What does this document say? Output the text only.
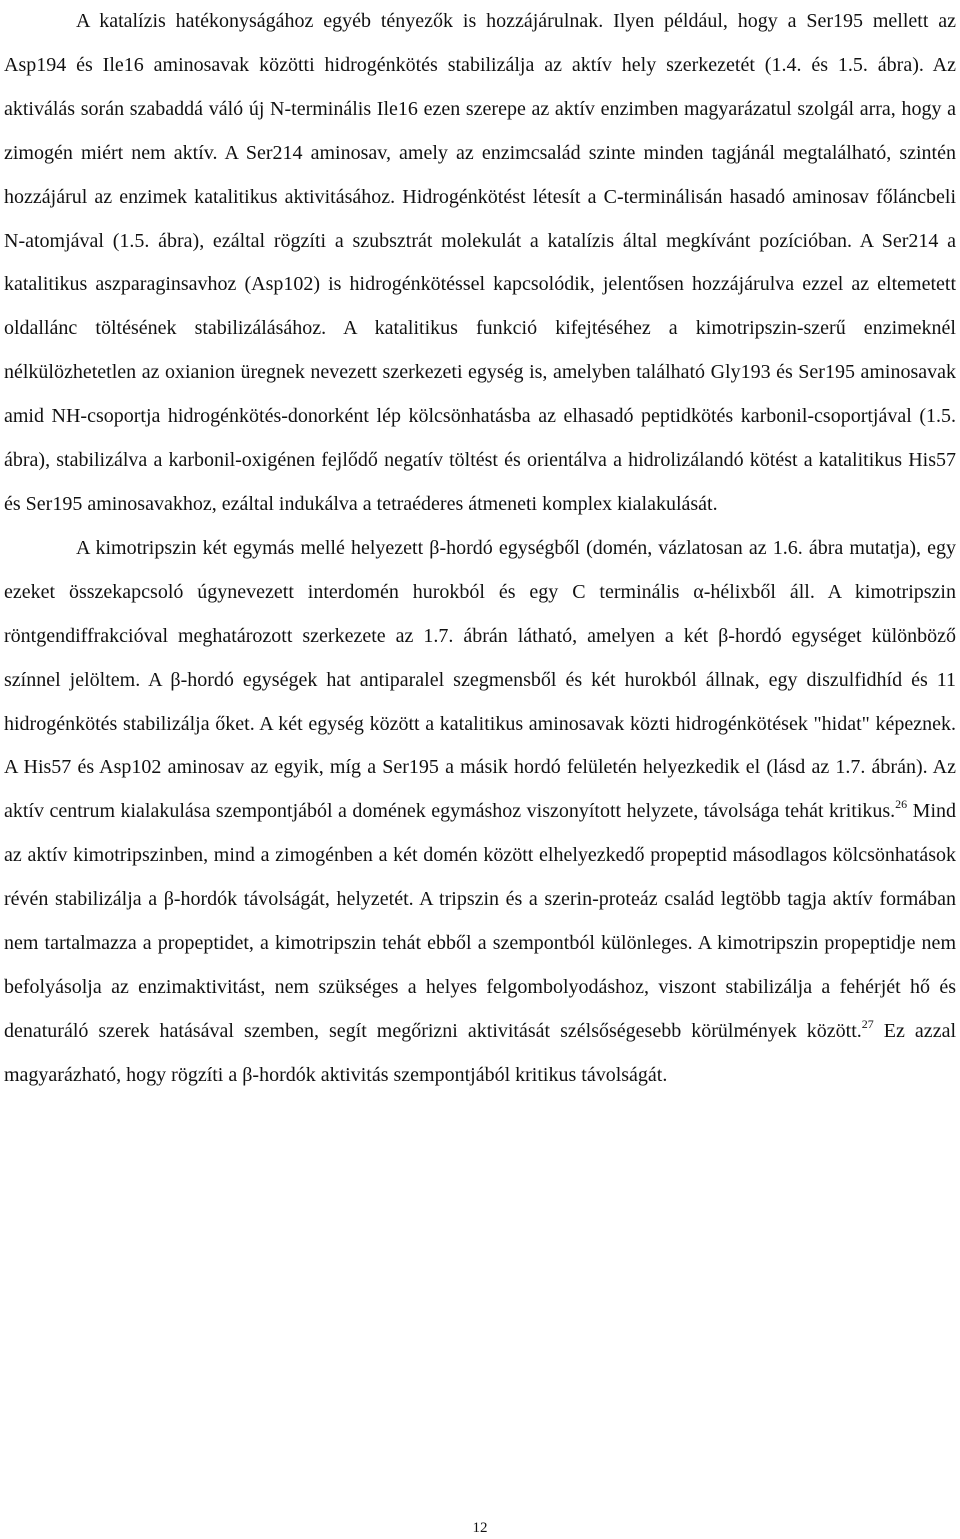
A katalízis hatékonyságához egyéb tényezők is hozzájárulnak. Ilyen például, hogy a Ser195 mellett az Asp194 és Ile16 aminosavak közötti hidrogénkötés stabilizálja az aktív hely szerkezetét (1.4. és 1.5. ábra). Az aktiválás során szabaddá váló új N-terminális Ile16 ezen szerepe az aktív enzimben magyarázatul szolgál arra, hogy a zimogén miért nem aktív. A Ser214 aminosav, amely az enzimcsalád szinte minden tagjánál megtalálható, szintén hozzájárul az enzimek katalitikus aktivitásához. Hidrogénkötést létesít a C-terminálisán hasadó aminosav főláncbeli N-atomjával (1.5. ábra), ezáltal rögzíti a szubsztrát molekulát a katalízis által megkívánt pozícióban. A Ser214 a katalitikus aszparaginsavhoz (Asp102) is hidrogénkötéssel kapcsolódik, jelentősen hozzájárulva ezzel az eltemetett oldallánc töltésének stabilizálásához. A katalitikus funkció kifejtéséhez a kimotripszin-szerű enzimeknél nélkülözhetetlen az oxianion üregnek nevezett szerkezeti egység is, amelyben található Gly193 és Ser195 aminosavak amid NH-csoportja hidrogénkötés-donorként lép kölcsönhatásba az elhasadó peptidkötés karbonil-csoportjával (1.5. ábra), stabilizálva a karbonil-oxigénen fejlődő negatív töltést és orientálva a hidrolizálandó kötést a katalitikus His57 és Ser195 aminosavakhoz, ezáltal indukálva a tetraéderes átmeneti komplex kialakulását.

A kimotripszin két egymás mellé helyezett β-hordó egységből (domén, vázlatosan az 1.6. ábra mutatja), egy ezeket összekapcsoló úgynevezett interdomén hurokból és egy C terminális α-hélixből áll. A kimotripszin röntgendiffrakcióval meghatározott szerkezete az 1.7. ábrán látható, amelyen a két β-hordó egységet különböző színnel jelöltem. A β-hordó egységek hat antiparalel szegmensből és két hurokból állnak, egy diszulfidhíd és 11 hidrogénkötés stabilizálja őket. A két egység között a katalitikus aminosavak közti hidrogénkötések "hidat" képeznek. A His57 és Asp102 aminosav az egyik, míg a Ser195 a másik hordó felületén helyezkedik el (lásd az 1.7. ábrán). Az aktív centrum kialakulása szempontjából a domének egymáshoz viszonyított helyzete, távolsága tehát kritikus.$^{26}$ Mind az aktív kimotripszinben, mind a zimogénben a két domén között elhelyezkedő propeptid másodlagos kölcsönhatások révén stabilizálja a β-hordók távolságát, helyzetét. A tripszin és a szerin-proteáz család legtöbb tagja aktív formában nem tartalmazza a propeptidet, a kimotripszin tehát ebből a szempontból különleges. A kimotripszin propeptidje nem befolyásolja az enzimaktivitást, nem szükséges a helyes felgombolyodáshoz, viszont stabilizálja a fehérjét hő és denaturáló szerek hatásával szemben, segít megőrizni aktivitását szélsőségesebb körülmények között.$^{27}$ Ez azzal magyarázható, hogy rögzíti a β-hordók aktivitás szempontjából kritikus távolságát.

12
